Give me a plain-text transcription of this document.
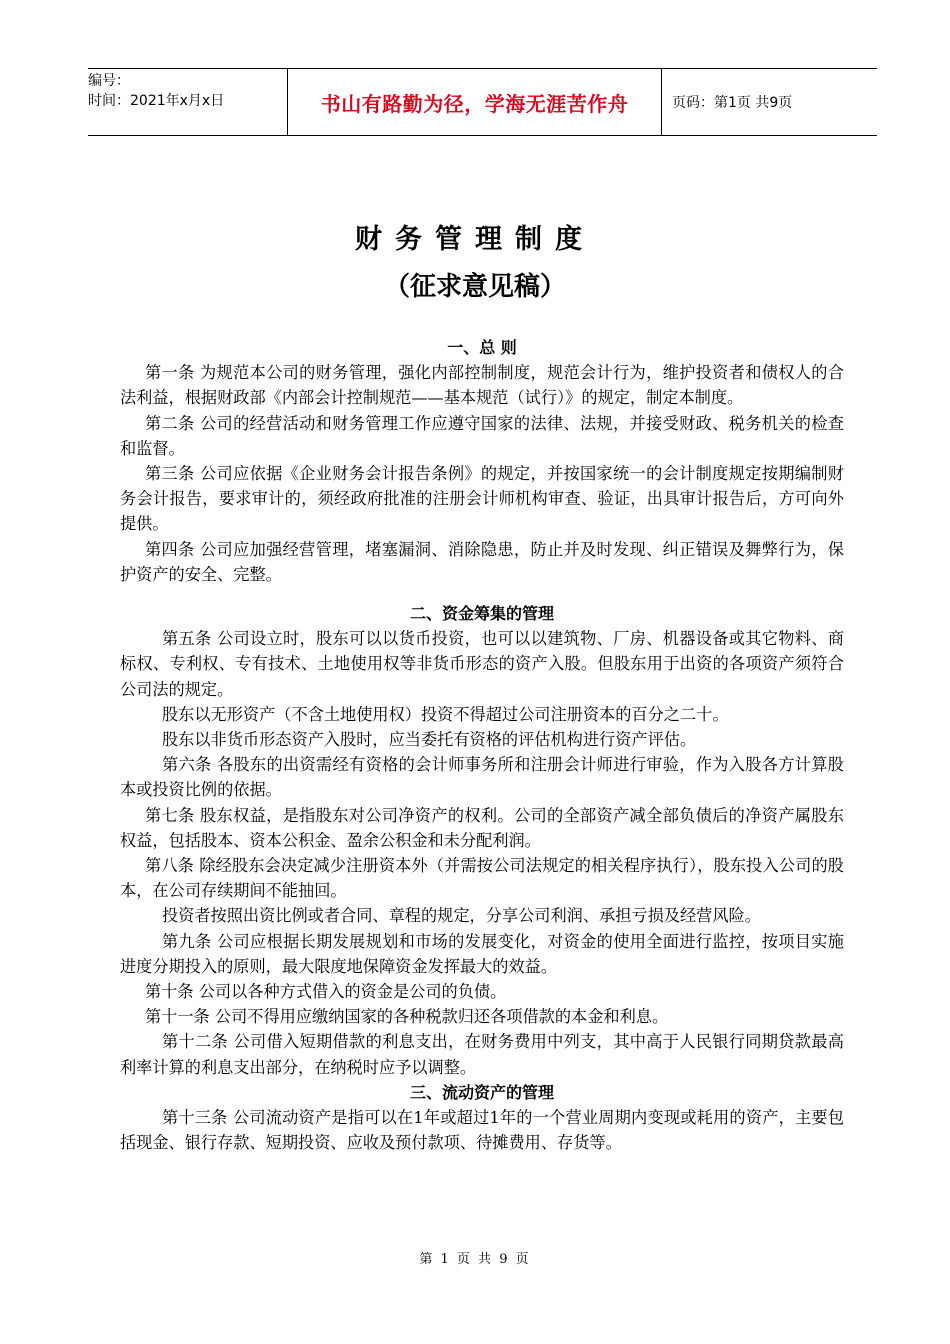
编号：
时间：2021年x月x日	书山有路勤为径，学海无涯苦作舟	页码：第1页 共9页
财务管理制度
（征求意见稿）
一、总 则
第一条 为规范本公司的财务管理，强化内部控制制度，规范会计行为，维护投资者和债权人的合法利益，根据财政部《内部会计控制规范——基本规范（试行）》的规定，制定本制度。
第二条 公司的经营活动和财务管理工作应遵守国家的法律、法规，并接受财政、税务机关的检查和监督。
第三条 公司应依据《企业财务会计报告条例》的规定，并按国家统一的会计制度规定按期编制财务会计报告，要求审计的，须经政府批准的注册会计师机构审查、验证，出具审计报告后，方可向外提供。
第四条 公司应加强经营管理，堵塞漏洞、消除隐患，防止并及时发现、纠正错误及舞弊行为，保护资产的安全、完整。
二、资金筹集的管理
第五条 公司设立时，股东可以以货币投资，也可以以建筑物、厂房、机器设备或其它物料、商标权、专利权、专有技术、土地使用权等非货币形态的资产入股。但股东用于出资的各项资产须符合公司法的规定。
股东以无形资产（不含土地使用权）投资不得超过公司注册资本的百分之二十。
股东以非货币形态资产入股时，应当委托有资格的评估机构进行资产评估。
第六条 各股东的出资需经有资格的会计师事务所和注册会计师进行审验，作为入股各方计算股本或投资比例的依据。
第七条 股东权益，是指股东对公司净资产的权利。公司的全部资产减全部负债后的净资产属股东权益，包括股本、资本公积金、盈余公积金和未分配利润。
第八条 除经股东会决定减少注册资本外（并需按公司法规定的相关程序执行），股东投入公司的股本，在公司存续期间不能抽回。
投资者按照出资比例或者合同、章程的规定，分享公司利润、承担亏损及经营风险。
第九条 公司应根据长期发展规划和市场的发展变化，对资金的使用全面进行监控，按项目实施进度分期投入的原则，最大限度地保障资金发挥最大的效益。
第十条 公司以各种方式借入的资金是公司的负债。
第十一条 公司不得用应缴纳国家的各种税款归还各项借款的本金和利息。
第十二条 公司借入短期借款的利息支出，在财务费用中列支，其中高于人民银行同期贷款最高利率计算的利息支出部分，在纳税时应予以调整。
三、流动资产的管理
第十三条 公司流动资产是指可以在1年或超过1年的一个营业周期内变现或耗用的资产，主要包括现金、银行存款、短期投资、应收及预付款项、待摊费用、存货等。
第 1 页 共 9 页
